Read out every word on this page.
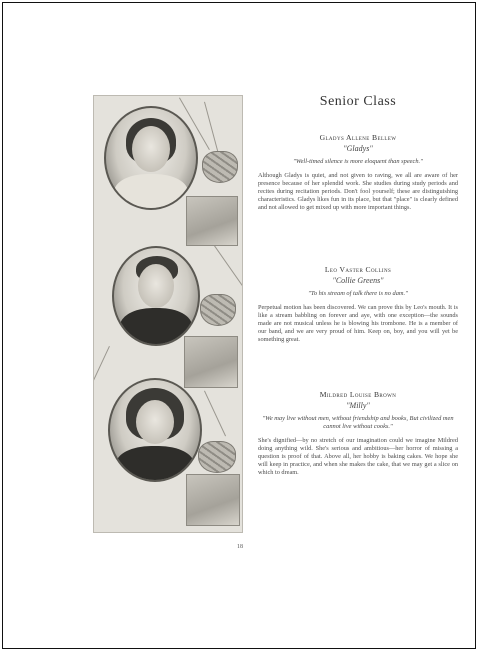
Senior Class
Gladys Allene Bellew
"Gladys"
"Well-timed silence is more eloquent than speech."
Although Gladys is quiet, and not given to raving, we all are aware of her presence because of her splendid work. She studies during study periods and recites during recitation periods. Don't fool yourself; these are distinguishing characteristics. Gladys likes fun in its place, but that "place" is clearly defined and not allowed to get mixed up with more important things.
Leo Vaster Collins
"Collie Greens"
"To his stream of talk there is no dam."
Perpetual motion has been discovered. We can prove this by Leo's mouth. It is like a stream babbling on forever and aye, with one exception—the sounds made are not musical unless he is blowing his trombone. He is a member of our band, and we are very proud of him. Keep on, boy, and you will yet be something great.
Mildred Louise Brown
"Milly"
"We may live without men, without friendship and books, But civilized men cannot live without cooks."
She's dignified—by no stretch of our imagination could we imagine Mildred doing anything wild. She's serious and ambitious—her horror of missing a question is proof of that. Above all, her hobby is baking cakes. We hope she will keep in practice, and when she makes the cake, that we may get a slice on which to dream.
18
